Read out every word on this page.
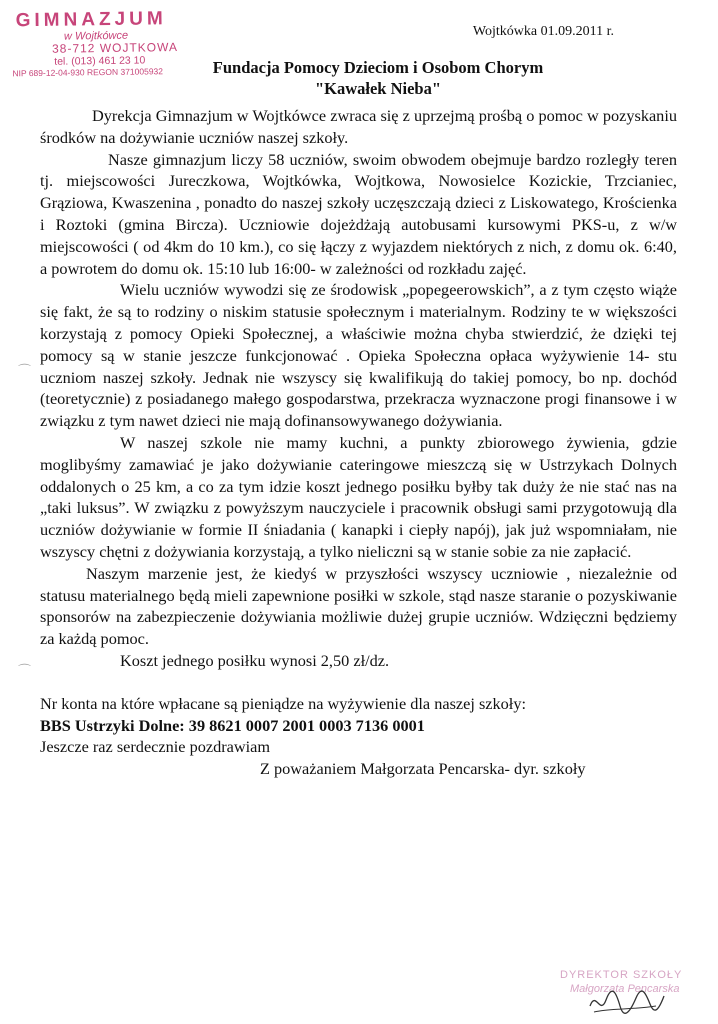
GIMNAZJUM
w Wojtkówce
38-712 WOJTKOWA
tel. (013) 461 23 10
NIP 689-12-04-930 REGON 371005932
Wojtkówka 01.09.2011 r.
Fundacja Pomocy Dzieciom i Osobom Chorym
"Kawałek Nieba"

Dyrekcja Gimnazjum w Wojtkówce zwraca się z uprzejmą prośbą o pomoc w pozyskaniu środków na dożywianie uczniów naszej szkoły.

Nasze gimnazjum liczy 58 uczniów, swoim obwodem obejmuje bardzo rozległy teren tj. miejscowości Jureczkowa, Wojtkówka, Wojtkowa, Nowosielce Kozickie, Trzcianiec, Grąziowa, Kwaszenina , ponadto do naszej szkoły uczęszczają dzieci z Liskowatego, Krościenka i Roztoki (gmina Bircza). Uczniowie dojeżdżają autobusami kursowymi PKS-u, z w/w miejscowości ( od 4km do 10 km.), co się łączy z wyjazdem niektórych z nich, z domu ok. 6:40, a powrotem do domu ok. 15:10 lub 16:00- w zależności od rozkładu zajęć.

Wielu uczniów wywodzi się ze środowisk „popegeerowskich”, a z tym często wiąże się fakt, że są to rodziny o niskim statusie społecznym i materialnym. Rodziny te w większości korzystają z pomocy Opieki Społecznej, a właściwie można chyba stwierdzić, że dzięki tej pomocy są w stanie jeszcze funkcjonować . Opieka Społeczna opłaca wyżywienie 14- stu uczniom naszej szkoły. Jednak nie wszyscy się kwalifikują do takiej pomocy, bo np. dochód (teoretycznie) z posiadanego małego gospodarstwa, przekracza wyznaczone progi finansowe i w związku z tym nawet dzieci nie mają dofinansowywanego dożywiania.

W naszej szkole nie mamy kuchni, a punkty zbiorowego żywienia, gdzie moglibyśmy zamawiać je jako dożywianie cateringowe mieszczą się w Ustrzykach Dolnych oddalonych o 25 km, a co za tym idzie koszt jednego posiłku byłby tak duży że nie stać nas na „taki luksus”. W związku z powyższym nauczyciele i pracownik obsługi sami przygotowują dla uczniów dożywianie w formie II śniadania ( kanapki i ciepły napój), jak już wspomniałam, nie wszyscy chętni z dożywiania korzystają, a tylko nieliczni są w stanie sobie za nie zapłacić.

Naszym marzenie jest, że kiedyś w przyszłości wszyscy uczniowie , niezależnie od statusu materialnego będą mieli zapewnione posiłki w szkole, stąd nasze staranie o pozyskiwanie sponsorów na zabezpieczenie dożywiania możliwie dużej grupie uczniów. Wdzięczni będziemy za każdą pomoc.

Koszt jednego posiłku wynosi 2,50 zł/dz.

Nr konta na które wpłacane są pieniądze na wyżywienie dla naszej szkoły:

BBS Ustrzyki Dolne: 39 8621 0007 2001 0003 7136 0001

Jeszcze raz serdecznie pozdrawiam

Z poważaniem Małgorzata Pencarska- dyr. szkoły

DYREKTOR SZKOŁY
Małgorzata Pencarska
⌒
⌒
